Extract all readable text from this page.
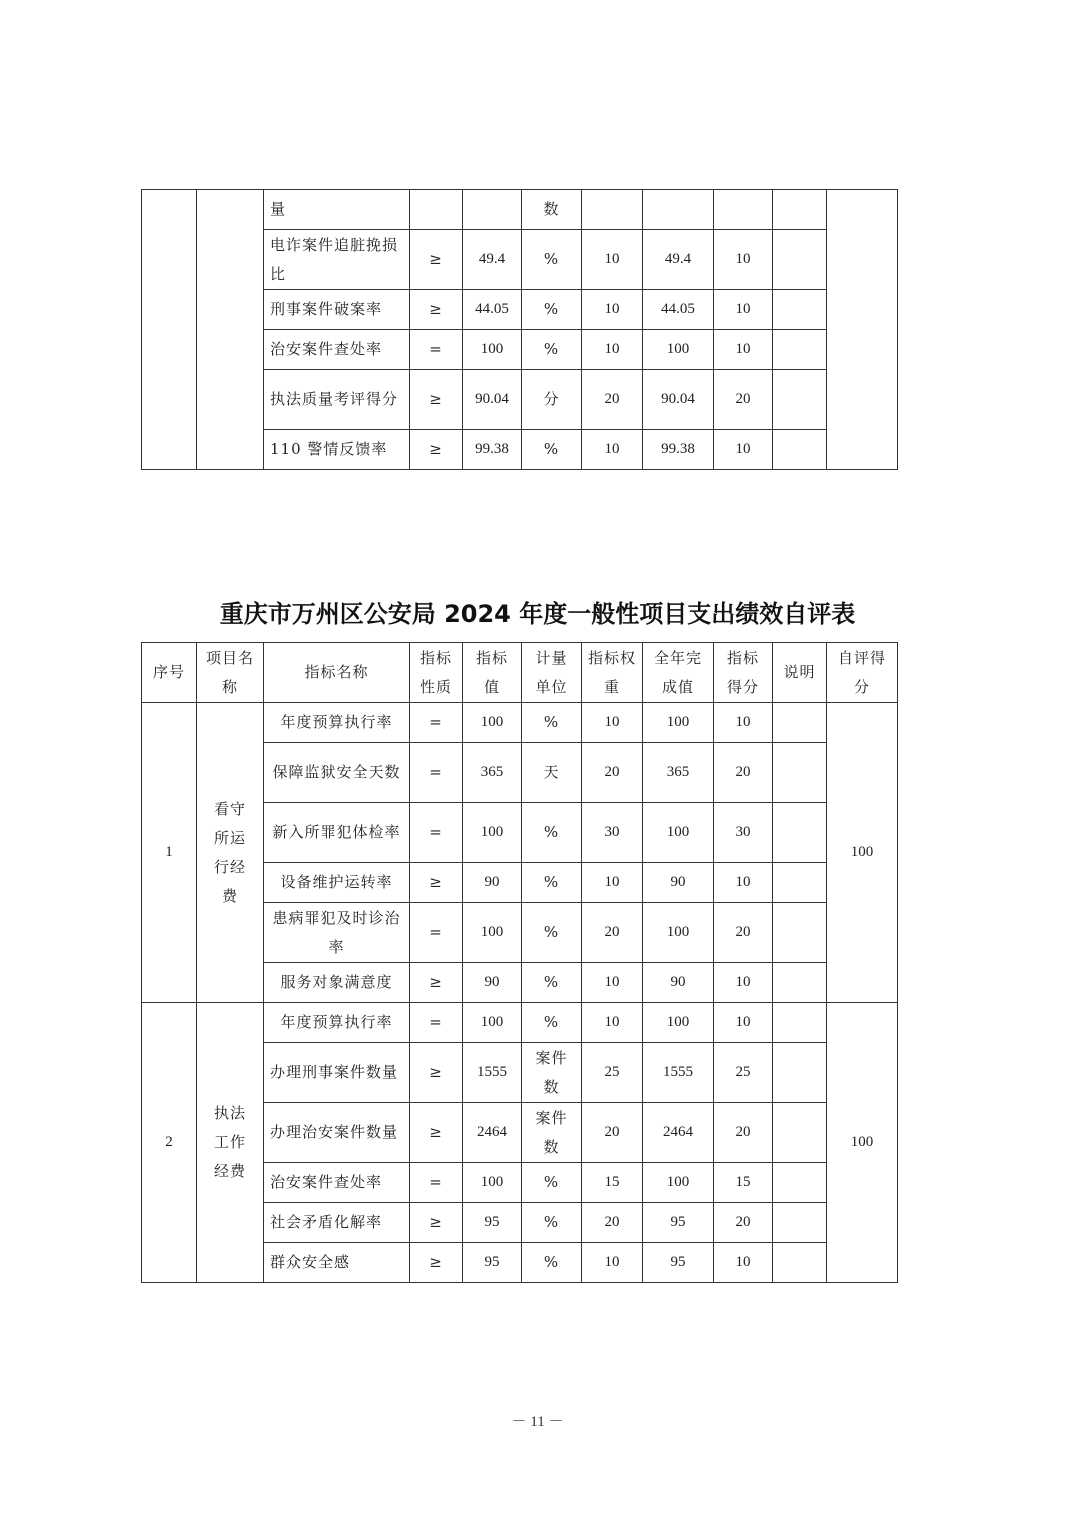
		量			数					
		电诈案件追脏挽损比	≥	49.4	%	10	49.4	10		
		刑事案件破案率	≥	44.05	%	10	44.05	10		
		治安案件查处率	=	100	%	10	100	10		
		执法质量考评得分	≥	90.04	分	20	90.04	20		
		110 警情反馈率	≥	99.38	%	10	99.38	10		
重庆市万州区公安局 2024 年度一般性项目支出绩效自评表
序号	项目名称	指标名称	指标性质	指标值	计量单位	指标权重	全年完成值	指标得分	说明	自评得分
1	看守所运行经费	年度预算执行率	=	100	%	10	100	10		100
		保障监狱安全天数	=	365	天	20	365	20		
		新入所罪犯体检率	=	100	%	30	100	30		
		设备维护运转率	≥	90	%	10	90	10		
		患病罪犯及时诊治率	=	100	%	20	100	20		
		服务对象满意度	≥	90	%	10	90	10		
2	执法工作经费	年度预算执行率	=	100	%	10	100	10		100
		办理刑事案件数量	≥	1555	案件数	25	1555	25		
		办理治安案件数量	≥	2464	案件数	20	2464	20		
		治安案件查处率	=	100	%	15	100	15		
		社会矛盾化解率	≥	95	%	20	95	20		
		群众安全感	≥	95	%	10	95	10		
－ 11 －
